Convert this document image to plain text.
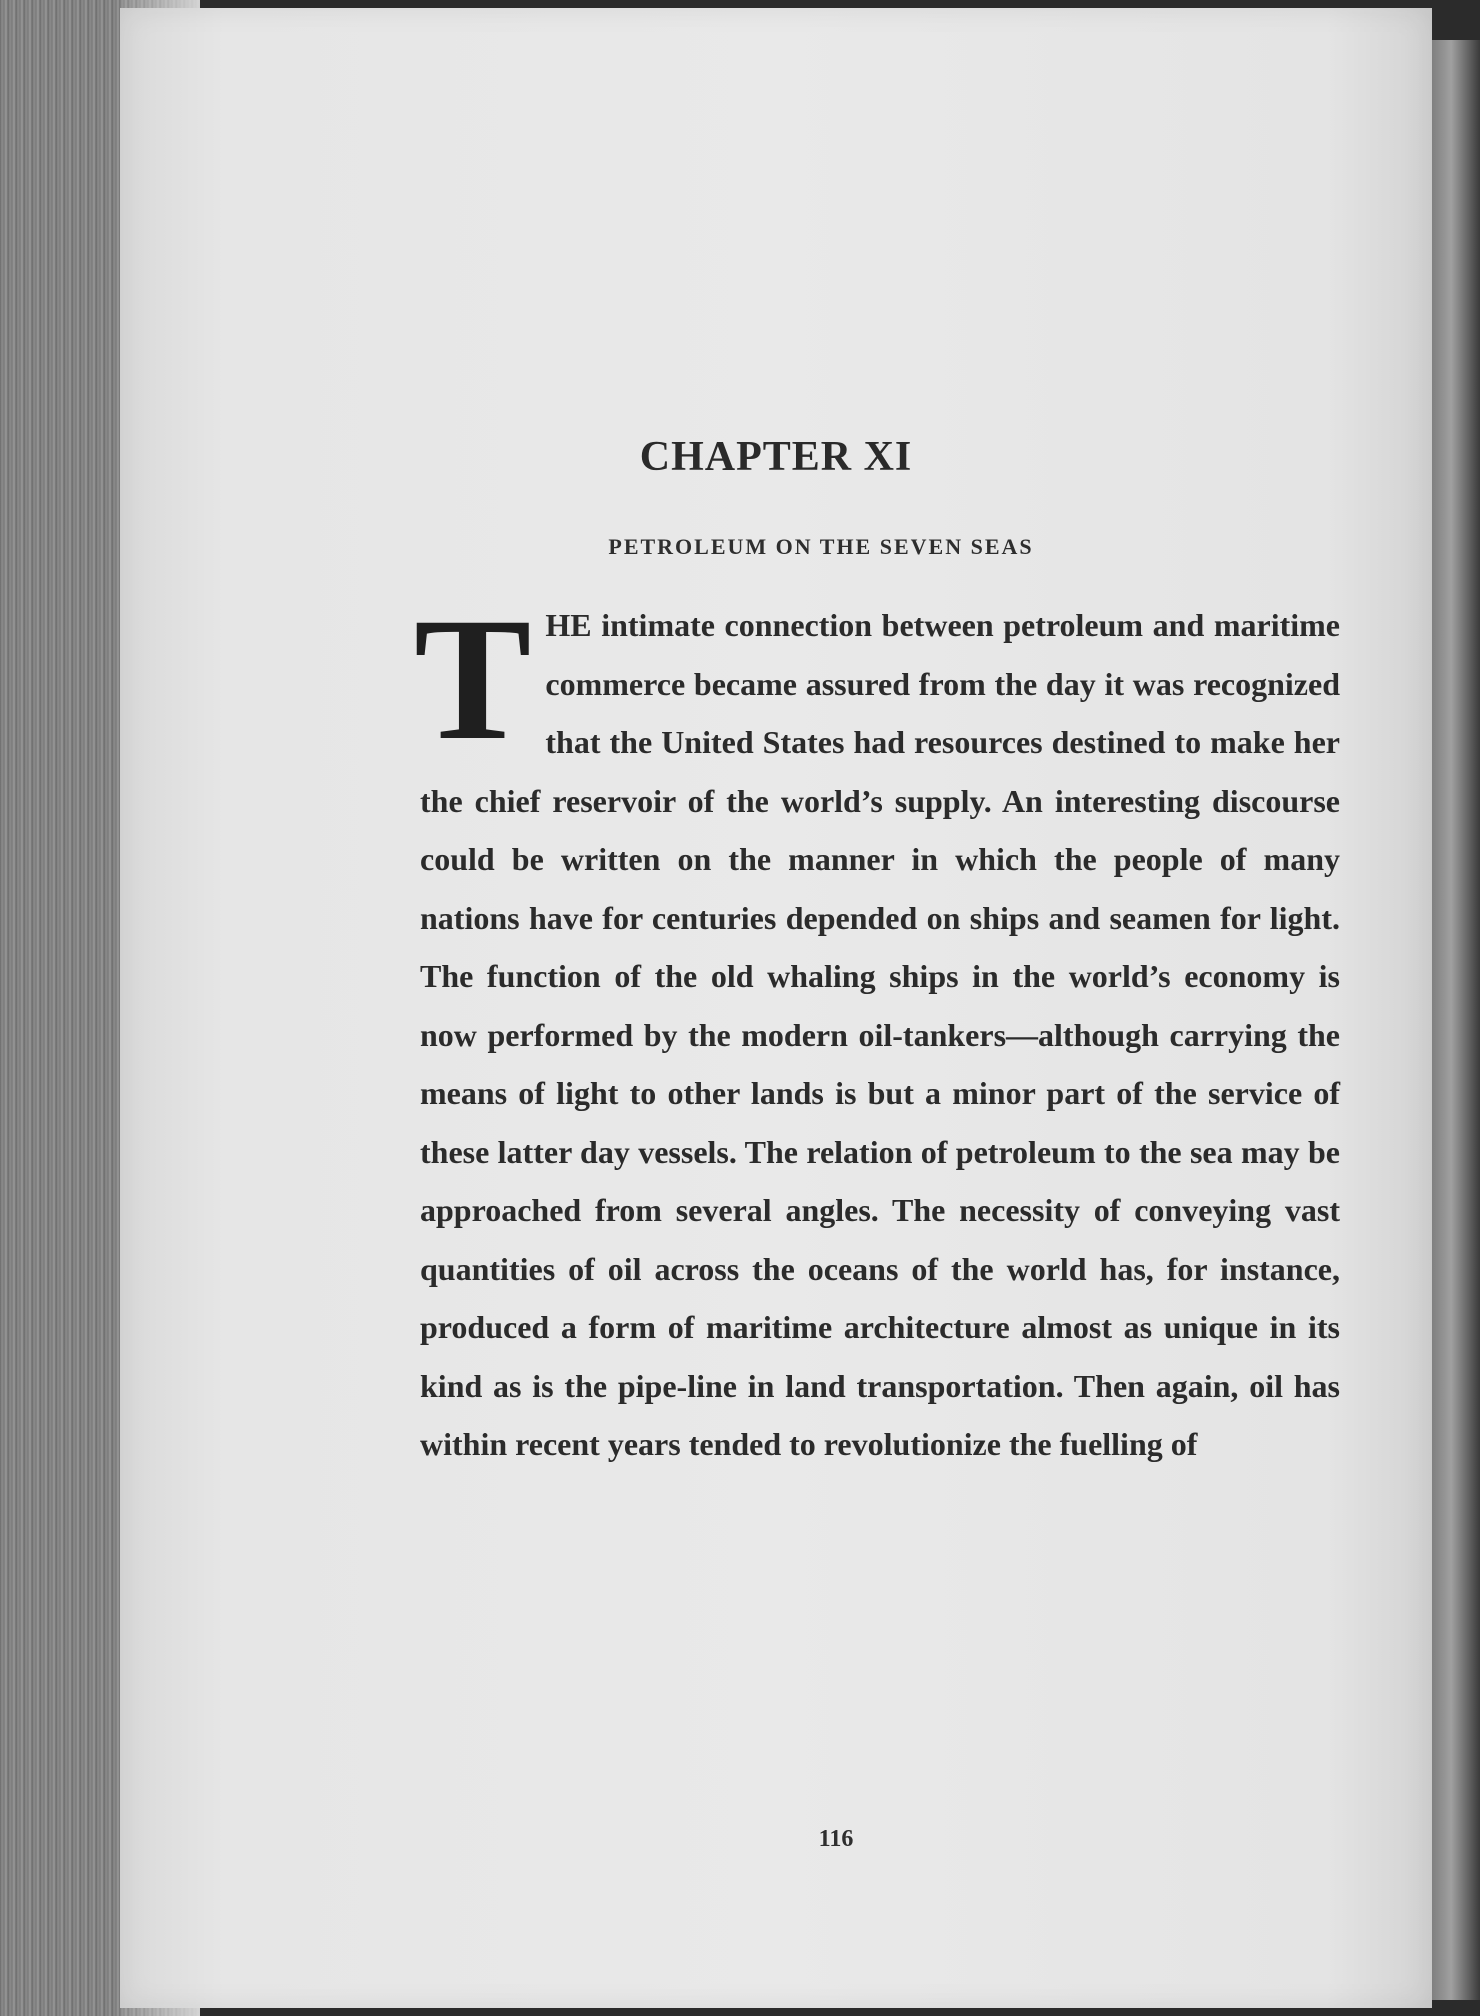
CHAPTER XI
PETROLEUM ON THE SEVEN SEAS
T HE intimate connection between petroleum and maritime commerce became assured from the day it was recognized that the United States had resources destined to make her the chief reservoir of the world’s supply. An interesting discourse could be written on the manner in which the people of many nations have for centuries depended on ships and seamen for light. The function of the old whaling ships in the world’s economy is now performed by the modern oil-tankers—although carrying the means of light to other lands is but a minor part of the service of these latter day vessels. The relation of petroleum to the sea may be approached from several angles. The necessity of conveying vast quantities of oil across the oceans of the world has, for instance, produced a form of maritime architecture almost as unique in its kind as is the pipe-line in land transportation. Then again, oil has within recent years tended to revolutionize the fuelling of
116
